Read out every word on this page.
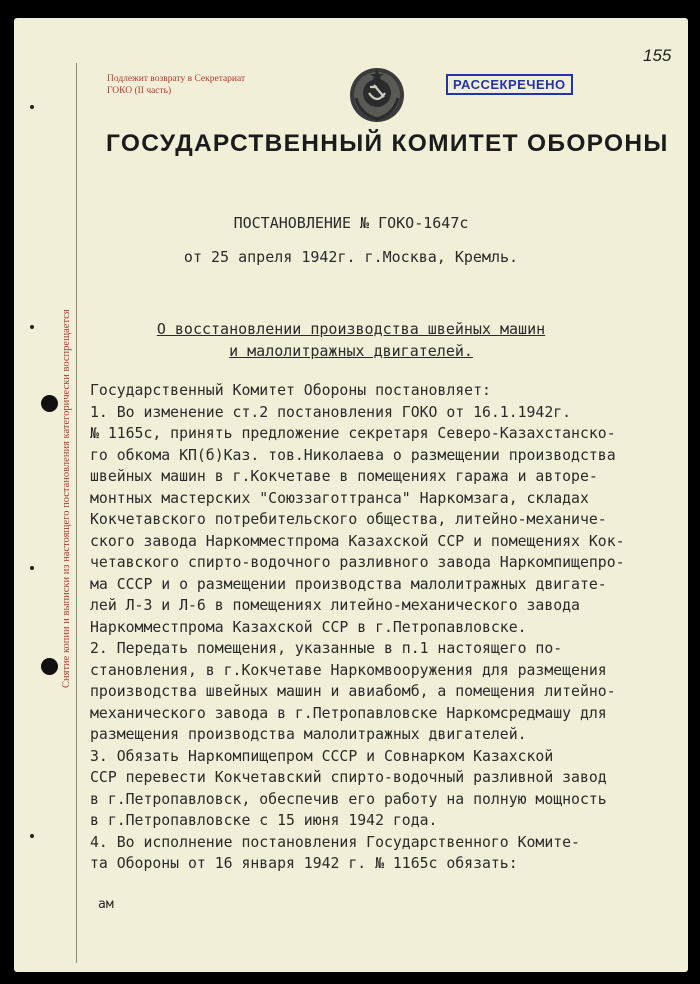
Снятие копии и выписки из настоящего постановления категорически воспрещается
Подлежит возврату в Секретариат
ГОКО (II часть)	РАССЕКРЕЧЕНО
155
ГОСУДАРСТВЕННЫЙ КОМИТЕТ ОБОРОНЫ
ПОСТАНОВЛЕНИЕ № ГОКО-1647с
от 25 апреля 1942г. г.Москва, Кремль.
О восстановлении производства швейных машин
и малолитражных двигателей.
Государственный Комитет Обороны постановляет:
1. Во изменение ст.2 постановления ГОКО от 16.1.1942г.
№ 1165с, принять предложение секретаря Северо-Казахстанско-
го обкома КП(б)Каз. тов.Николаева о размещении производства
швейных машин в г.Кокчетаве в помещениях гаража и авторе-
монтных мастерских "Союззаготтранса" Наркомзага, складах
Кокчетавского потребительского общества, литейно-механиче-
ского завода Наркомместпрома Казахской ССР и помещениях Кок-
четавского спирто-водочного разливного завода Наркомпищепро-
ма СССР и о размещении производства малолитражных двигате-
лей Л-3 и Л-6 в помещениях литейно-механического завода
Наркомместпрома Казахской ССР в г.Петропавловске.
2. Передать помещения, указанные в п.1 настоящего по-
становления, в г.Кокчетаве Наркомвооружения для размещения
производства швейных машин и авиабомб, а помещения литейно-
механического завода в г.Петропавловске Наркомсредмашу для
размещения производства малолитражных двигателей.
3. Обязать Наркомпищепром СССР и Совнарком Казахской
ССР перевести Кокчетавский спирто-водочный разливной завод
в г.Петропавловск, обеспечив его работу на полную мощность
в г.Петропавловске с 15 июня 1942 года.
4. Во исполнение постановления Государственного Комите-
та Обороны от 16 января 1942 г. № 1165с обязать:
ам
